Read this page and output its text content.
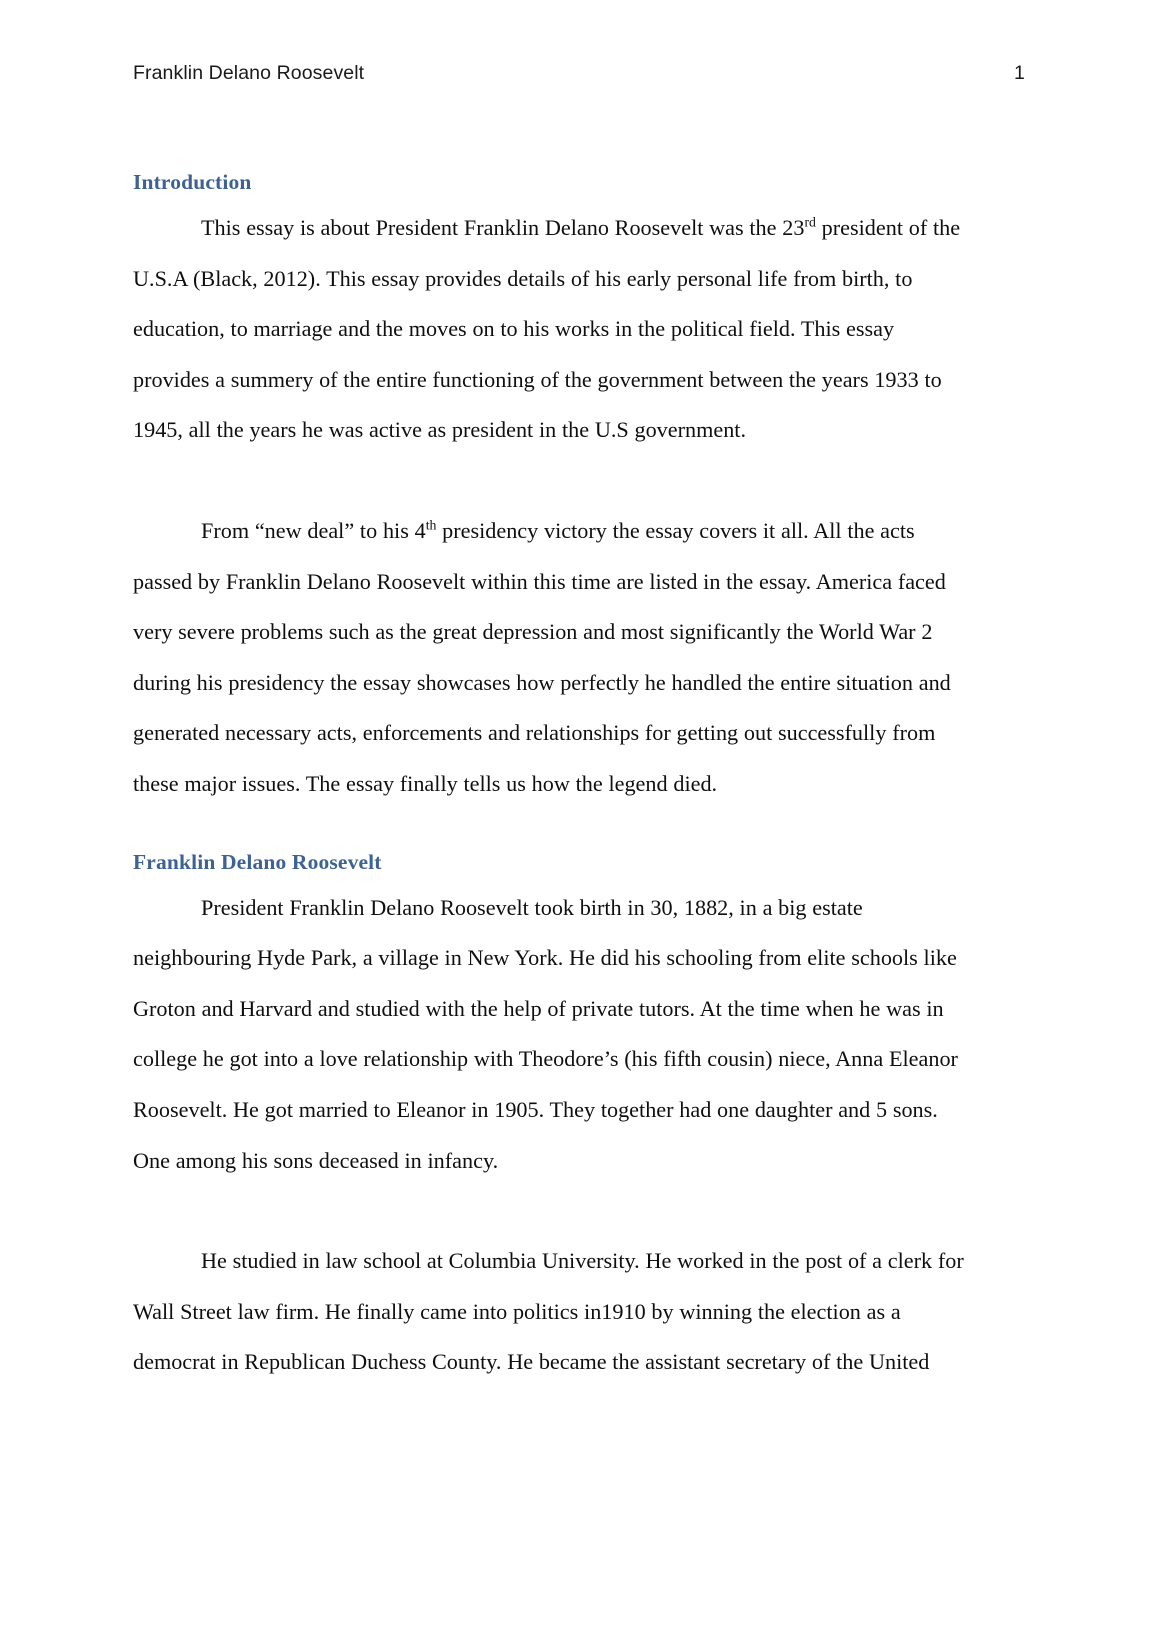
Franklin Delano Roosevelt	1
Introduction

This essay is about President Franklin Delano Roosevelt was the 23rd president of the U.S.A (Black, 2012). This essay provides details of his early personal life from birth, to education, to marriage and the moves on to his works in the political field. This essay provides a summery of the entire functioning of the government between the years 1933 to 1945, all the years he was active as president in the U.S government.

From “new deal” to his 4th presidency victory the essay covers it all. All the acts passed by Franklin Delano Roosevelt within this time are listed in the essay. America faced very severe problems such as the great depression and most significantly the World War 2 during his presidency the essay showcases how perfectly he handled the entire situation and generated necessary acts, enforcements and relationships for getting out successfully from these major issues. The essay finally tells us how the legend died.

Franklin Delano Roosevelt

President Franklin Delano Roosevelt took birth in 30, 1882, in a big estate neighbouring Hyde Park, a village in New York. He did his schooling from elite schools like Groton and Harvard and studied with the help of private tutors. At the time when he was in college he got into a love relationship with Theodore’s (his fifth cousin) niece, Anna Eleanor Roosevelt. He got married to Eleanor in 1905. They together had one daughter and 5 sons. One among his sons deceased in infancy.

He studied in law school at Columbia University. He worked in the post of a clerk for Wall Street law firm. He finally came into politics in1910 by winning the election as a democrat in Republican Duchess County. He became the assistant secretary of the United
